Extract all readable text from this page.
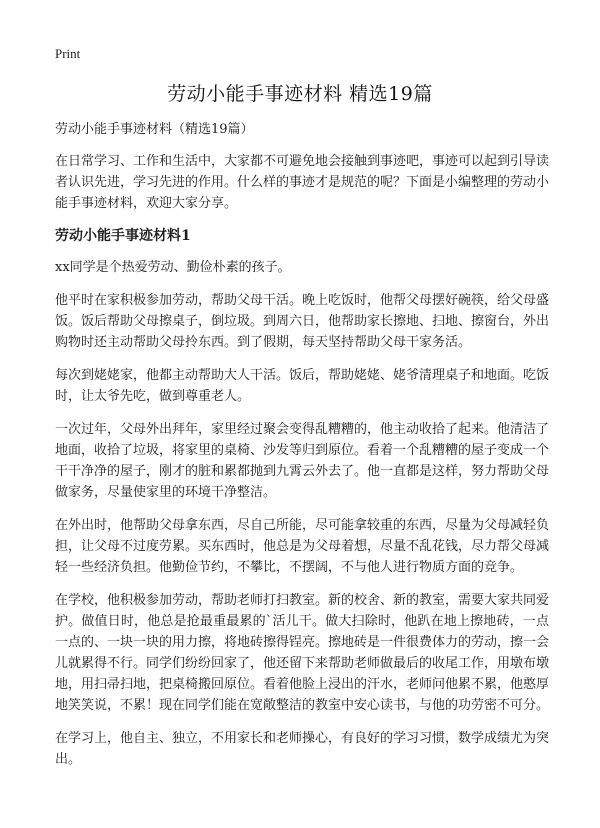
Print
劳动小能手事迹材料 精选19篇

劳动小能手事迹材料（精选19篇）

在日常学习、工作和生活中，大家都不可避免地会接触到事迹吧，事迹可以起到引导读者认识先进，学习先进的作用。什么样的事迹才是规范的呢？下面是小编整理的劳动小能手事迹材料，欢迎大家分享。

劳动小能手事迹材料1

xx同学是个热爱劳动、勤俭朴素的孩子。

他平时在家积极参加劳动，帮助父母干活。晚上吃饭时，他帮父母摆好碗筷，给父母盛饭。饭后帮助父母擦桌子，倒垃圾。到周六日，他帮助家长擦地、扫地、擦窗台，外出购物时还主动帮助父母拎东西。到了假期，每天坚持帮助父母干家务活。

每次到姥姥家，他都主动帮助大人干活。饭后，帮助姥姥、姥爷清理桌子和地面。吃饭时，让太爷先吃，做到尊重老人。

一次过年，父母外出拜年，家里经过聚会变得乱糟糟的，他主动收拾了起来。他清洁了地面，收拾了垃圾，将家里的桌椅、沙发等归到原位。看着一个乱糟糟的屋子变成一个干干净净的屋子，刚才的脏和累都抛到九霄云外去了。他一直都是这样，努力帮助父母做家务，尽量使家里的环境干净整洁。

在外出时，他帮助父母拿东西，尽自己所能，尽可能拿较重的东西，尽量为父母减轻负担，让父母不过度劳累。买东西时，他总是为父母着想，尽量不乱花钱，尽力帮父母减轻一些经济负担。他勤俭节约，不攀比，不摆阔，不与他人进行物质方面的竞争。

在学校，他积极参加劳动，帮助老师打扫教室。新的校舍、新的教室，需要大家共同爱护。做值日时，他总是抢最重最累的`活儿干。做大扫除时，他趴在地上擦地砖，一点一点的、一块一块的用力擦，将地砖擦得锃亮。擦地砖是一件很费体力的劳动，擦一会儿就累得不行。同学们纷纷回家了，他还留下来帮助老师做最后的收尾工作，用墩布墩地，用扫帚扫地，把桌椅搬回原位。看着他脸上浸出的汗水，老师问他累不累，他憨厚地笑笑说，不累！现在同学们能在宽敞整洁的教室中安心读书，与他的功劳密不可分。

在学习上，他自主、独立，不用家长和老师操心，有良好的学习习惯，数学成绩尤为突出。
